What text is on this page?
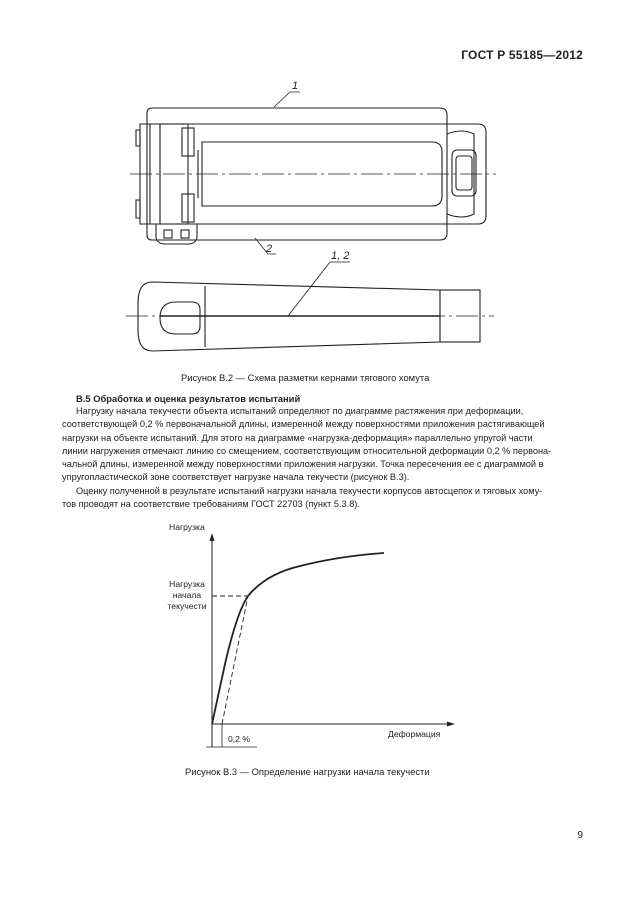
ГОСТ Р 55185—2012
1
2
1, 2
Рисунок В.2 — Схема разметки кернами тягового хомута
В.5 Обработка и оценка результатов испытаний
Нагрузку начала текучести объекта испытаний определяют по диаграмме растяжения при деформации,
соответствующей 0,2 % первоначальной длины, измеренной между поверхностями приложения растягивающей
нагрузки на объекте испытаний. Для этого на диаграмме «нагрузка-деформация» параллельно упругой части
линии нагружения отмечают линию со смещением, соответствующим относительной деформации 0,2 % первона-
чальной длины, измеренной между поверхностями приложения нагрузки. Точка пересечения ее с диаграммой в
упругопластической зоне соответствует нагрузке начала текучести (рисунок В.3).
Оценку полученной в результате испытаний нагрузки начала текучести корпусов автосцепок и тяговых хому-
тов проводят на соответствие требованиям ГОСТ 22703 (пункт 5.3.8).
Нагрузка
Нагрузка
начала
текучести
Деформация
0,2 %
Рисунок В.3 — Определение нагрузки начала текучести
9
